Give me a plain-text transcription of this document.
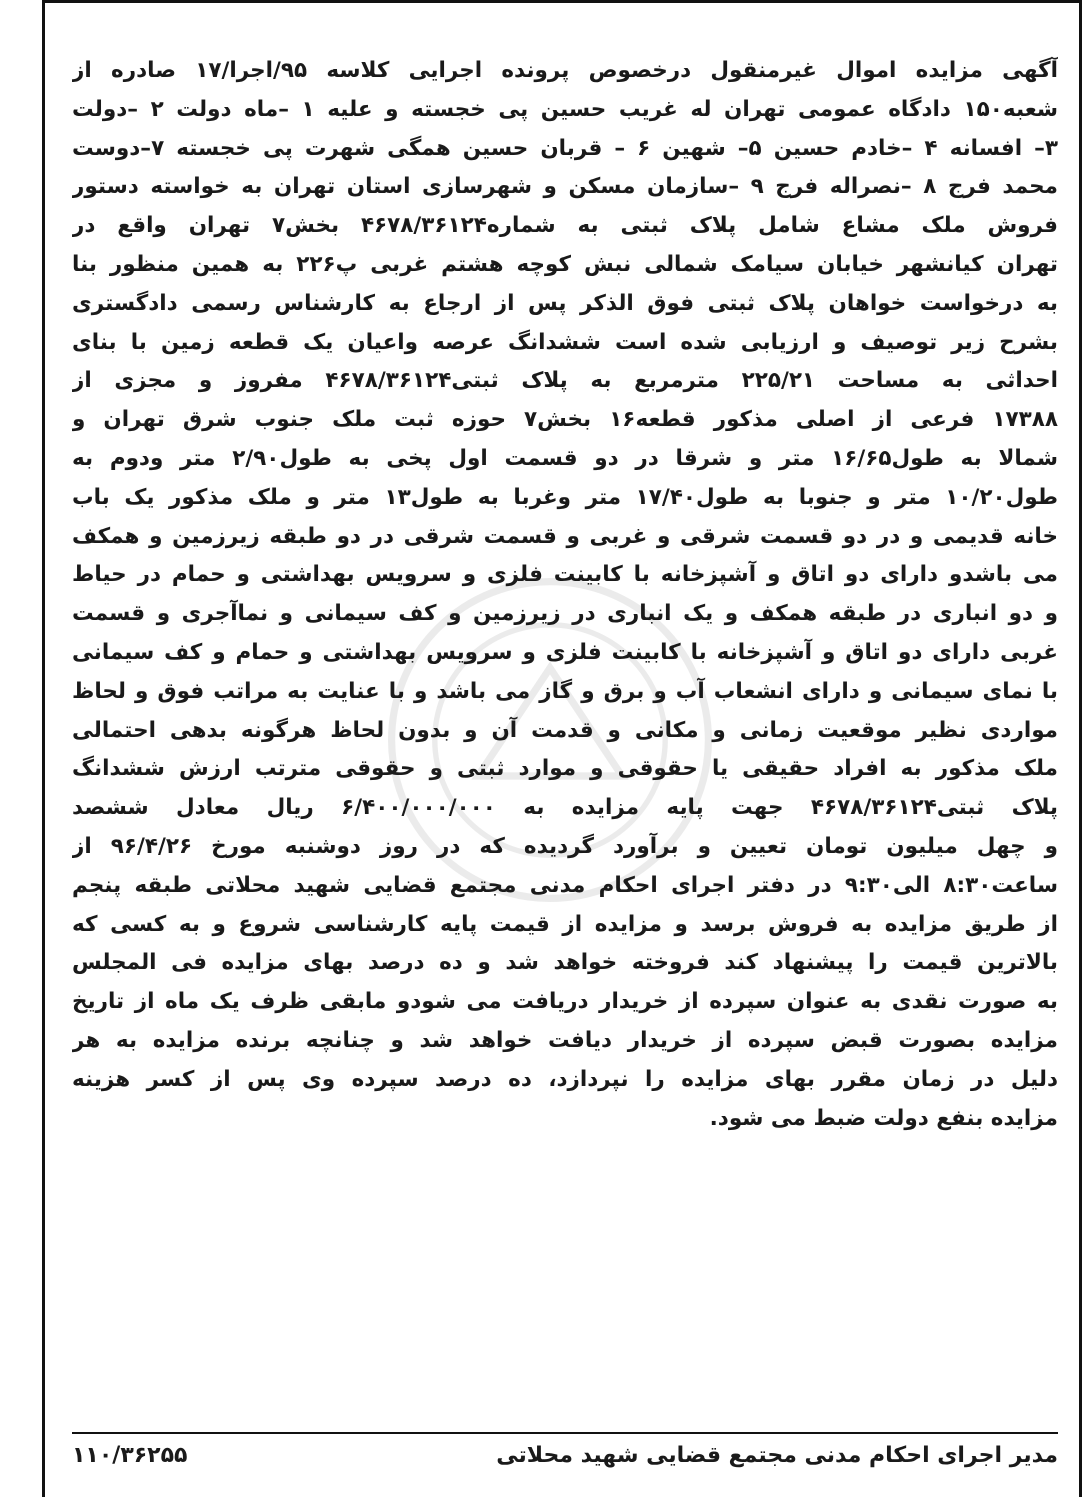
آگهی مزایده اموال غیرمنقول درخصوص پرونده اجرایی کلاسه ۹۵/اجرا/۱۷ صادره از
شعبه۱۵۰ دادگاه عمومی تهران له غریب حسین پی خجسته و علیه ۱ –ماه دولت ۲ –دولت
۳– افسانه ۴ –خادم حسین ۵– شهین ۶ – قربان حسین همگی شهرت پی خجسته ۷–دوست
محمد فرج ۸ –نصراله فرج ۹ –سازمان مسکن و شهرسازی استان تهران به خواسته دستور
فروش ملک مشاع شامل پلاک ثبتی به شماره۴۶۷۸/۳۶۱۲۴ بخش۷ تهران واقع در
تهران کیانشهر خیابان سیامک شمالی نبش کوچه هشتم غربی پ۲۲۶ به همین منظور بنا
به درخواست خواهان پلاک ثبتی فوق الذکر پس از ارجاع به کارشناس رسمی دادگستری
بشرح زیر توصیف و ارزیابی شده است ششدانگ عرصه واعیان یک قطعه زمین با بنای
احداثی به مساحت ۲۲۵/۲۱ مترمربع به پلاک ثبتی۴۶۷۸/۳۶۱۲۴ مفروز و مجزی از
۱۷۳۸۸ فرعی از اصلی مذکور قطعه۱۶ بخش۷ حوزه ثبت ملک جنوب شرق تهران و
شمالا به طول۱۶/۶۵ متر و شرقا در دو قسمت اول پخی به طول۲/۹۰ متر ودوم به
طول۱۰/۲۰ متر و جنوبا به طول۱۷/۴۰ متر وغربا به طول۱۳ متر و ملک مذکور یک باب
خانه قدیمی و در دو قسمت شرقی و غربی و قسمت شرقی در دو طبقه زیرزمین و همکف
می باشدو دارای دو اتاق و آشپزخانه با کابینت فلزی و سرویس بهداشتی و حمام در حیاط
و دو انباری در طبقه همکف و یک انباری در زیرزمین و کف سیمانی و نماآجری و قسمت
غربی دارای دو اتاق و آشپزخانه با کابینت فلزی و سرویس بهداشتی و حمام و کف سیمانی
با نمای سیمانی و دارای انشعاب آب و برق و گاز می باشد و با عنایت به مراتب فوق و لحاظ
مواردی نظیر موقعیت زمانی و مکانی و قدمت آن و بدون لحاظ هرگونه بدهی احتمالی
ملک مذکور به افراد حقیقی یا حقوقی و موارد ثبتی و حقوقی مترتب ارزش ششدانگ
پلاک ثبتی۴۶۷۸/۳۶۱۲۴ جهت پایه مزایده به ۶/۴۰۰/۰۰۰/۰۰۰ ریال معادل ششصد
و چهل میلیون تومان تعیین و برآورد گردیده که در روز دوشنبه مورخ ۹۶/۴/۲۶ از
ساعت۸:۳۰ الی۹:۳۰ در دفتر اجرای احکام مدنی مجتمع قضایی شهید محلاتی طبقه پنجم
از طریق مزایده به فروش برسد و مزایده از قیمت پایه کارشناسی شروع و به کسی که
بالاترین قیمت را پیشنهاد کند فروخته خواهد شد و ده درصد بهای مزایده فی المجلس
به صورت نقدی به عنوان سپرده از خریدار دریافت می شودو مابقی ظرف یک ماه از تاریخ
مزایده بصورت قبض سپرده از خریدار دیافت خواهد شد و چنانچه برنده مزایده به هر
دلیل در زمان مقرر بهای مزایده را نپردازد، ده درصد سپرده وی پس از کسر هزینه
مزایده بنفع دولت ضبط می شود.
مدیر اجرای احکام مدنی مجتمع قضایی شهید محلاتی
۱۱۰/۳۶۲۵۵
